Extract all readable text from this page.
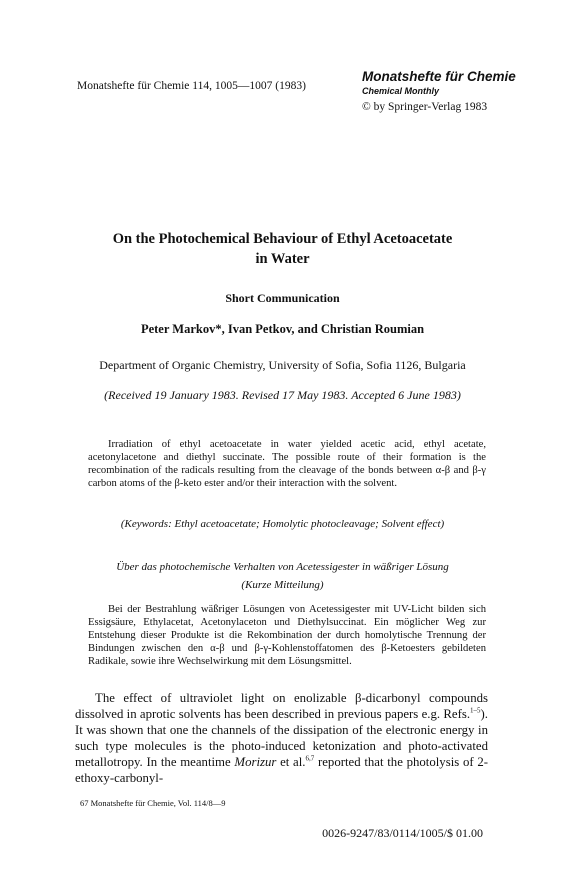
Monatshefte für Chemie 114, 1005—1007 (1983)
Monatshefte für Chemie
Chemical Monthly
© by Springer-Verlag 1983
On the Photochemical Behaviour of Ethyl Acetoacetate
in Water
Short Communication
Peter Markov*, Ivan Petkov, and Christian Roumian
Department of Organic Chemistry, University of Sofia, Sofia 1126, Bulgaria
(Received 19 January 1983. Revised 17 May 1983. Accepted 6 June 1983)
Irradiation of ethyl acetoacetate in water yielded acetic acid, ethyl acetate, acetonylacetone and diethyl succinate. The possible route of their formation is the recombination of the radicals resulting from the cleavage of the bonds between α-β and β-γ carbon atoms of the β-keto ester and/or their interaction with the solvent.
(Keywords: Ethyl acetoacetate; Homolytic photocleavage; Solvent effect)
Über das photochemische Verhalten von Acetessigester in wäßriger Lösung
(Kurze Mitteilung)
Bei der Bestrahlung wäßriger Lösungen von Acetessigester mit UV-Licht bilden sich Essigsäure, Ethylacetat, Acetonylaceton und Diethylsuccinat. Ein möglicher Weg zur Entstehung dieser Produkte ist die Rekombination der durch homolytische Trennung der Bindungen zwischen den α-β und β-γ-Kohlenstoffatomen des β-Ketoesters gebildeten Radikale, sowie ihre Wechselwirkung mit dem Lösungsmittel.
The effect of ultraviolet light on enolizable β-dicarbonyl compounds dissolved in aprotic solvents has been described in previous papers e.g. Refs.$^{1-5}$). It was shown that one the channels of the dissipation of the electronic energy in such type molecules is the photo-induced ketonization and photo-activated metallotropy. In the meantime Morizur et al.$^{6,7}$ reported that the photolysis of 2-ethoxy-carbonyl-
67 Monatshefte für Chemie, Vol. 114/8—9
0026-9247/83/0114/1005/$ 01.00
